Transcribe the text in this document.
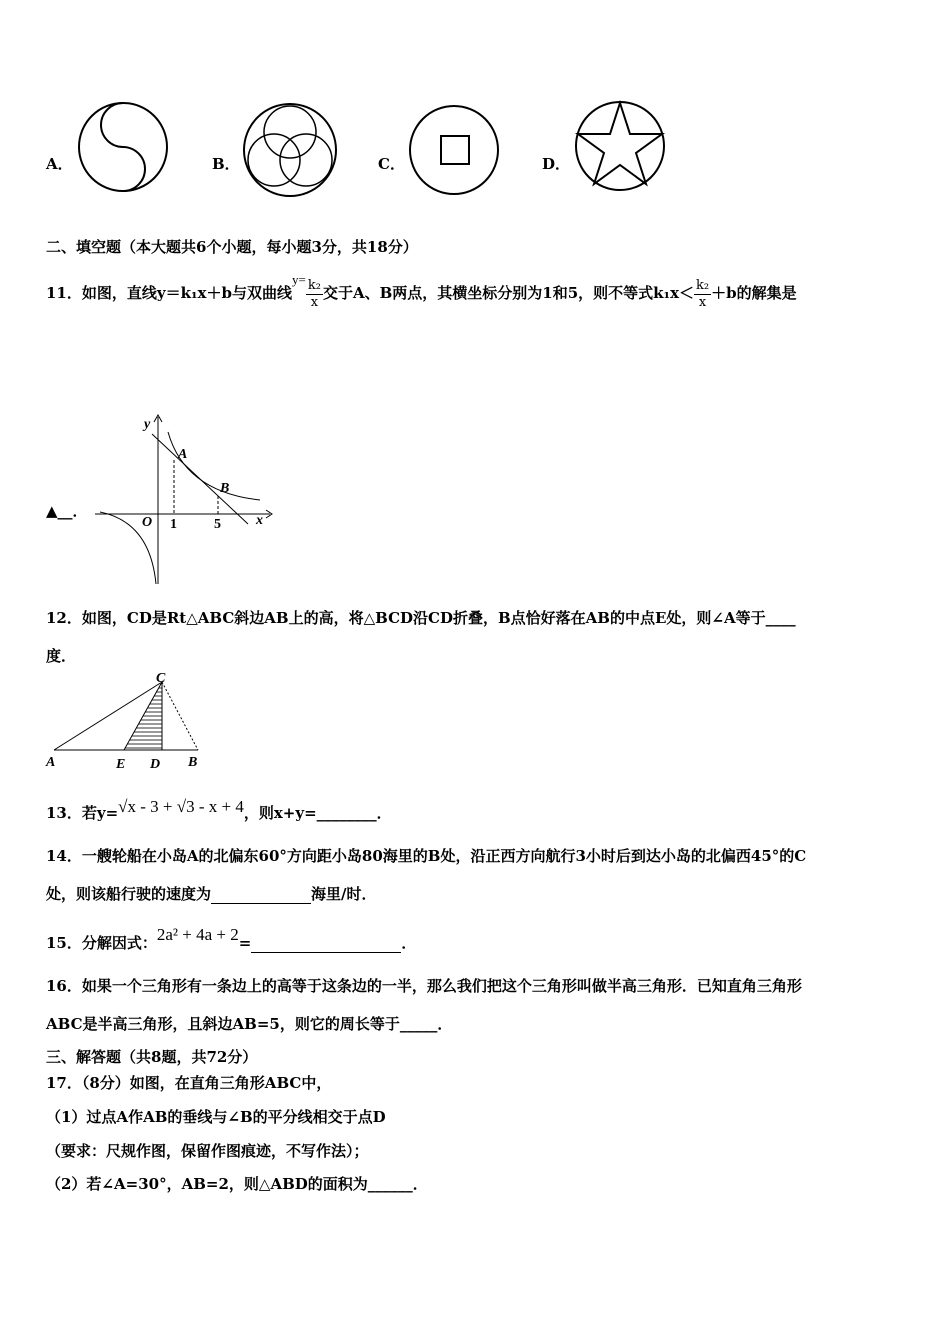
A．	B．	C．	D．
二、填空题（本大题共6个小题，每小题3分，共18分）
11．如图，直线y＝k₁x＋b与双曲线$y= \frac{\text{k₂}}{x}$ 交于A、B两点，其横坐标分别为1和5，则不等式$k_1x< \frac{\text{k₂}}{x} +b$的解集是
y
x
O
A
B
1	5
▲__．
12．如图，CD是Rt△ABC斜边AB上的高，将△BCD沿CD折叠，B点恰好落在AB的中点E处，则∠A等于____
度．
C
A	E D B
13．若y=√x - 3 + √3 - x + 4，则x+y=________．
14．一艘轮船在小岛A的北偏东60°方向距小岛80海里的B处，沿正西方向航行3小时后到达小岛的北偏西45°的C
处，则该船行驶的速度为	海里/时．
15．分解因式：2a² + 4a + 2=	．
16．如果一个三角形有一条边上的高等于这条边的一半，那么我们把这个三角形叫做半高三角形．已知直角三角形
ABC是半高三角形，且斜边AB=5，则它的周长等于_____．
三、解答题（共8题，共72分）
17．（8分）如图，在直角三角形ABC中，
（1）过点A作AB的垂线与∠B的平分线相交于点D
（要求：尺规作图，保留作图痕迹，不写作法）；
（2）若∠A=30°，AB=2，则△ABD的面积为______．
